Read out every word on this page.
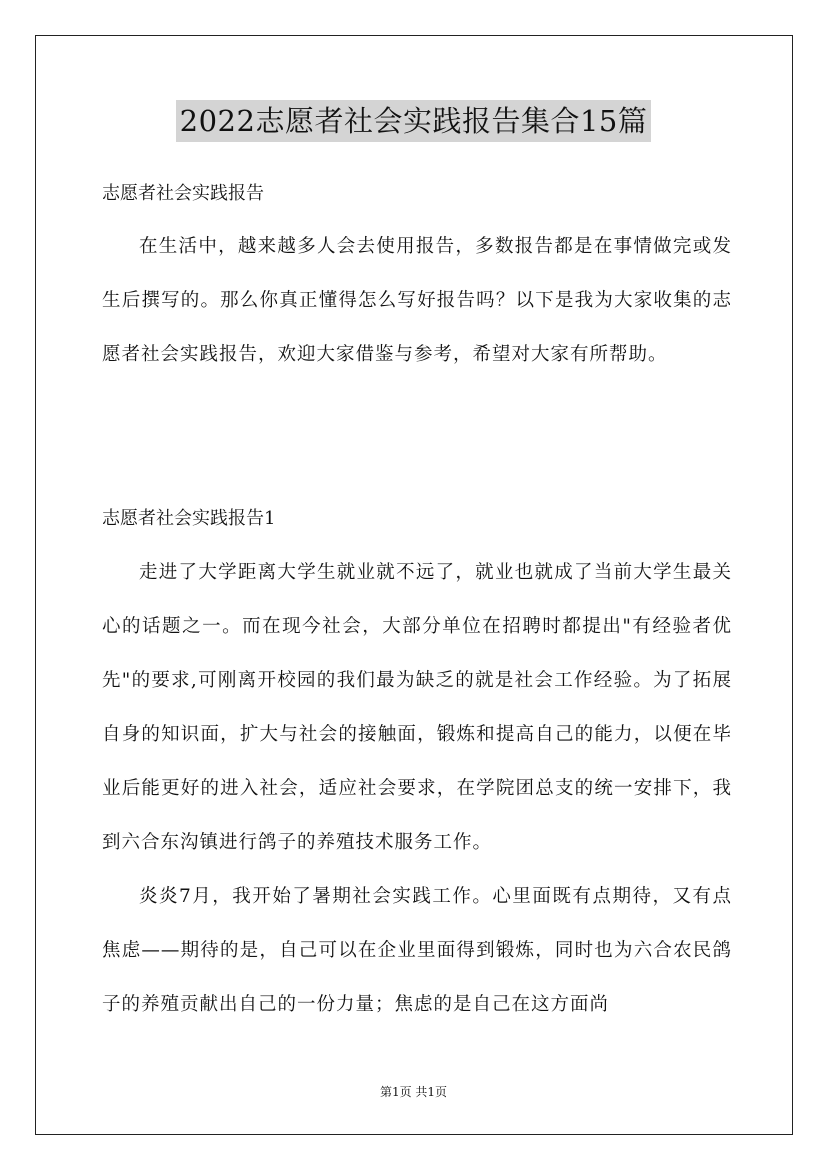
2022志愿者社会实践报告集合15篇
志愿者社会实践报告
在生活中，越来越多人会去使用报告，多数报告都是在事情做完或发生后撰写的。那么你真正懂得怎么写好报告吗？以下是我为大家收集的志愿者社会实践报告，欢迎大家借鉴与参考，希望对大家有所帮助。
志愿者社会实践报告1
走进了大学距离大学生就业就不远了，就业也就成了当前大学生最关心的话题之一。而在现今社会，大部分单位在招聘时都提出"有经验者优先"的要求,可刚离开校园的我们最为缺乏的就是社会工作经验。为了拓展自身的知识面，扩大与社会的接触面，锻炼和提高自己的能力，以便在毕业后能更好的进入社会，适应社会要求，在学院团总支的统一安排下，我到六合东沟镇进行鸽子的养殖技术服务工作。
炎炎7月，我开始了暑期社会实践工作。心里面既有点期待，又有点焦虑——期待的是，自己可以在企业里面得到锻炼，同时也为六合农民鸽子的养殖贡献出自己的一份力量；焦虑的是自己在这方面尚
第1页 共1页
